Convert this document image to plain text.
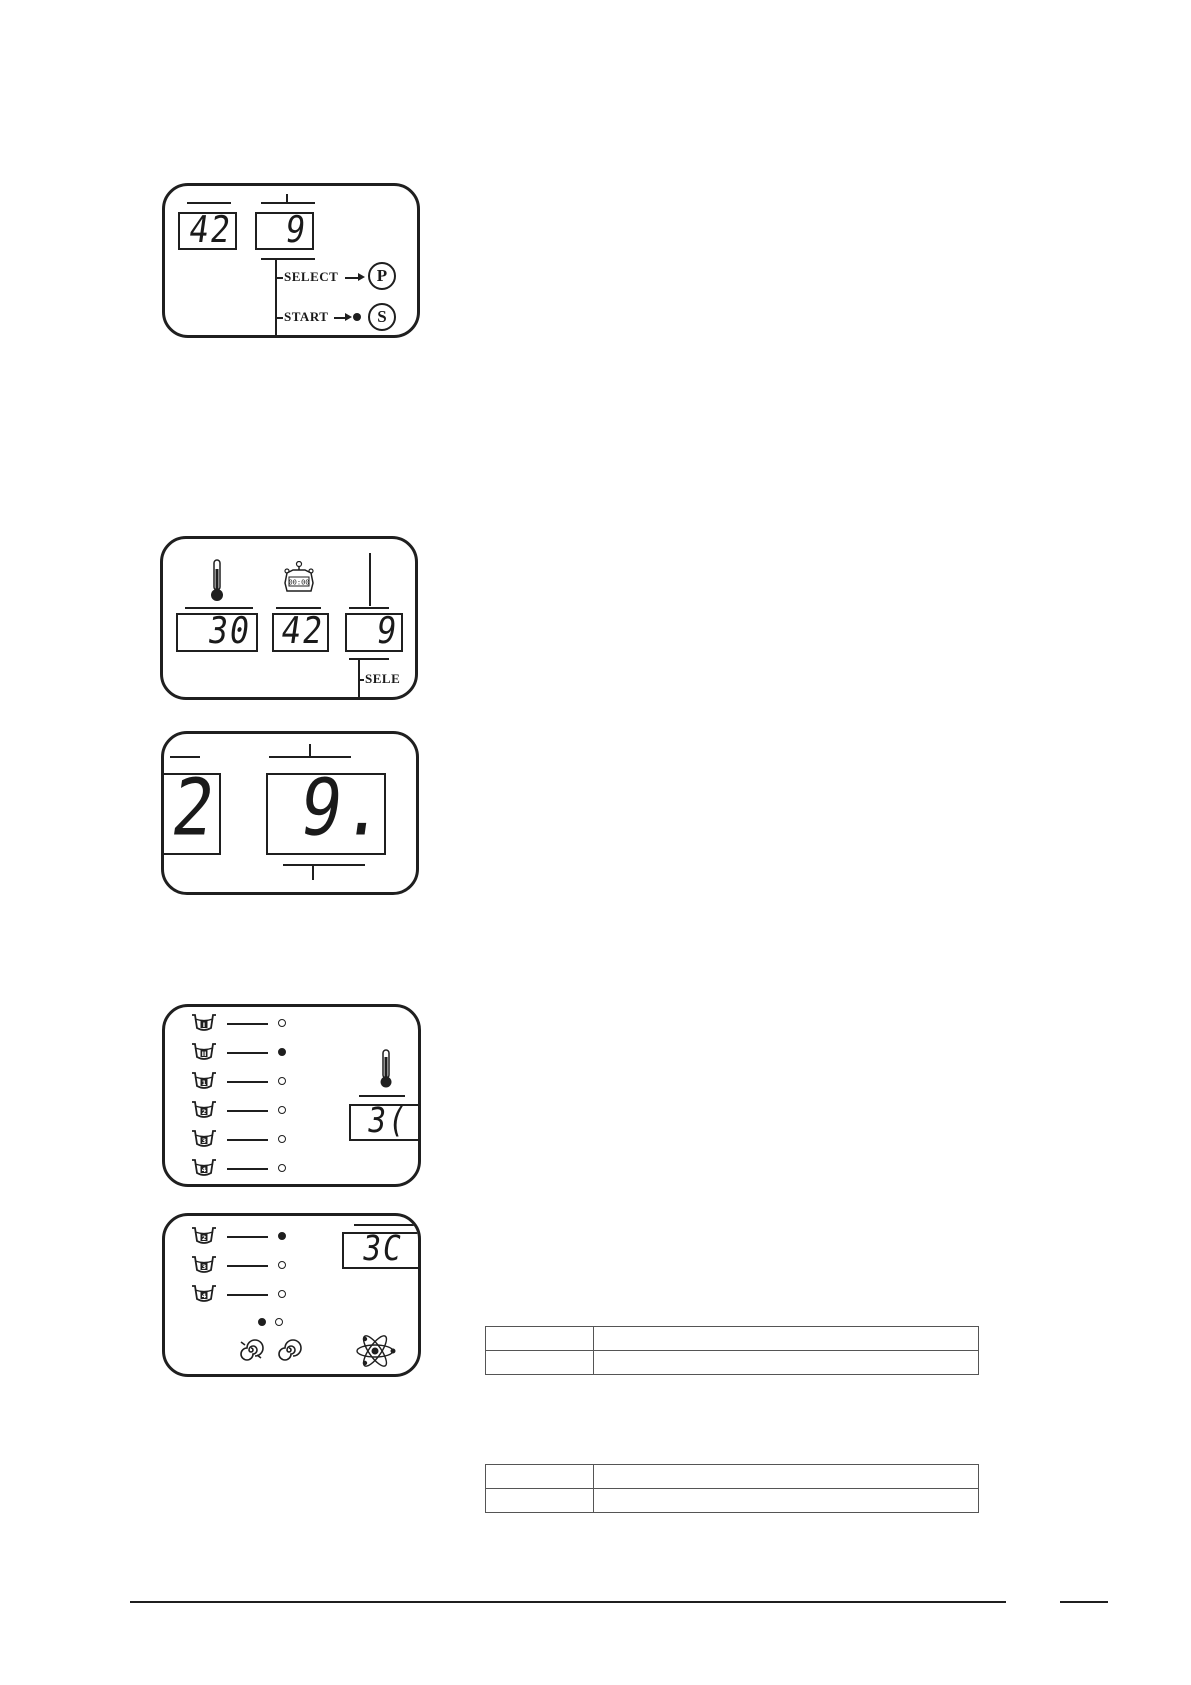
42	9
SELECT	P
START	S
00:00
30 42	9
SELE
2	9.
I
II
1
2
3
4
3(
2
3
4
3C
